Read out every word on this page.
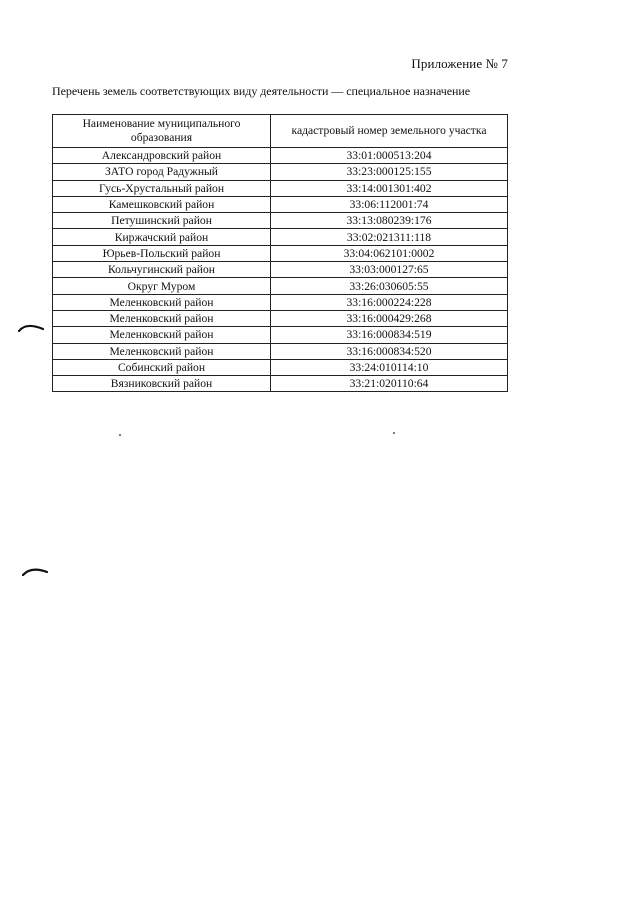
Приложение № 7
Перечень земель соответствующих виду деятельности — специальное назначение
Наименование муниципального образования	кадастровый номер земельного участка
Александровский район	33:01:000513:204
ЗАТО город Радужный	33:23:000125:155
Гусь-Хрустальный район	33:14:001301:402
Камешковский район	33:06:112001:74
Петушинский район	33:13:080239:176
Киржачский район	33:02:021311:118
Юрьев-Польский район	33:04:062101:0002
Кольчугинский район	33:03:000127:65
Округ Муром	33:26:030605:55
Меленковский район	33:16:000224:228
Меленковский район	33:16:000429:268
Меленковский район	33:16:000834:519
Меленковский район	33:16:000834:520
Собинский район	33:24:010114:10
Вязниковский район	33:21:020110:64
